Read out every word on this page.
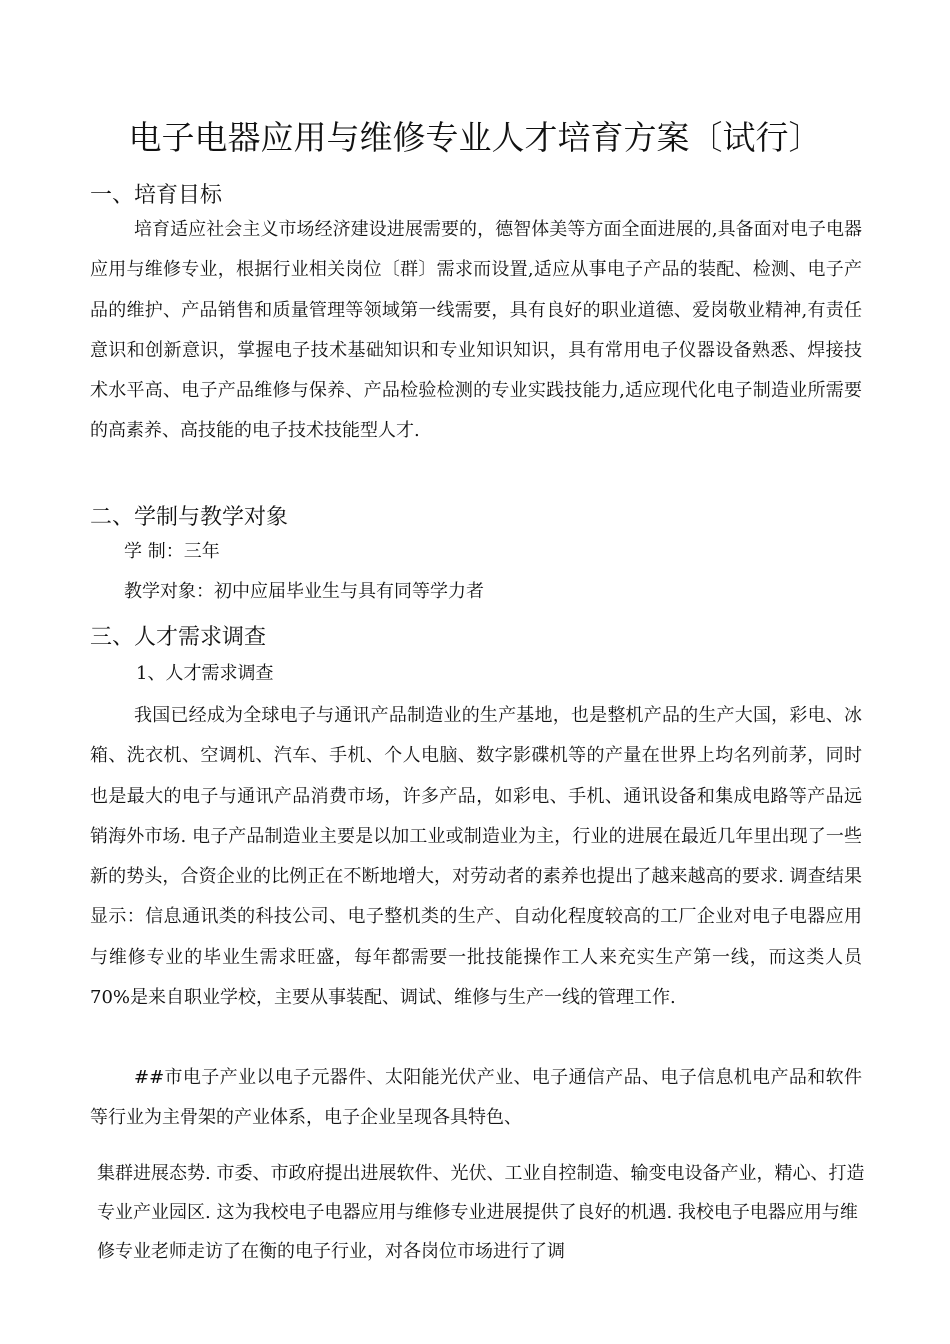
电子电器应用与维修专业人才培育方案〔试行〕
一、培育目标
培育适应社会主义市场经济建设进展需要的，德智体美等方面全面进展的,具备面对电子电器应用与维修专业，根据行业相关岗位〔群〕需求而设置,适应从事电子产品的装配、检测、电子产品的维护、产品销售和质量管理等领域第一线需要，具有良好的职业道德、爱岗敬业精神,有责任意识和创新意识，掌握电子技术基础知识和专业知识知识，具有常用电子仪器设备熟悉、焊接技术水平高、电子产品维修与保养、产品检验检测的专业实践技能力,适应现代化电子制造业所需要的高素养、高技能的电子技术技能型人才.
二、学制与教学对象
学 制：三年
教学对象：初中应届毕业生与具有同等学力者
三、人才需求调查
1、人才需求调查
我国已经成为全球电子与通讯产品制造业的生产基地，也是整机产品的生产大国，彩电、冰箱、洗衣机、空调机、汽车、手机、个人电脑、数字影碟机等的产量在世界上均名列前茅，同时也是最大的电子与通讯产品消费市场，许多产品，如彩电、手机、通讯设备和集成电路等产品远销海外市场. 电子产品制造业主要是以加工业或制造业为主，行业的进展在最近几年里出现了一些新的势头，合资企业的比例正在不断地增大，对劳动者的素养也提出了越来越高的要求. 调查结果显示：信息通讯类的科技公司、电子整机类的生产、自动化程度较高的工厂企业对电子电器应用与维修专业的毕业生需求旺盛，每年都需要一批技能操作工人来充实生产第一线，而这类人员 70%是来自职业学校，主要从事装配、调试、维修与生产一线的管理工作.
##市电子产业以电子元器件、太阳能光伏产业、电子通信产品、电子信息机电产品和软件等行业为主骨架的产业体系，电子企业呈现各具特色、
集群进展态势. 市委、市政府提出进展软件、光伏、工业自控制造、输变电设备产业，精心、打造专业产业园区. 这为我校电子电器应用与维修专业进展提供了良好的机遇. 我校电子电器应用与维修专业老师走访了在衡的电子行业，对各岗位市场进行了调
